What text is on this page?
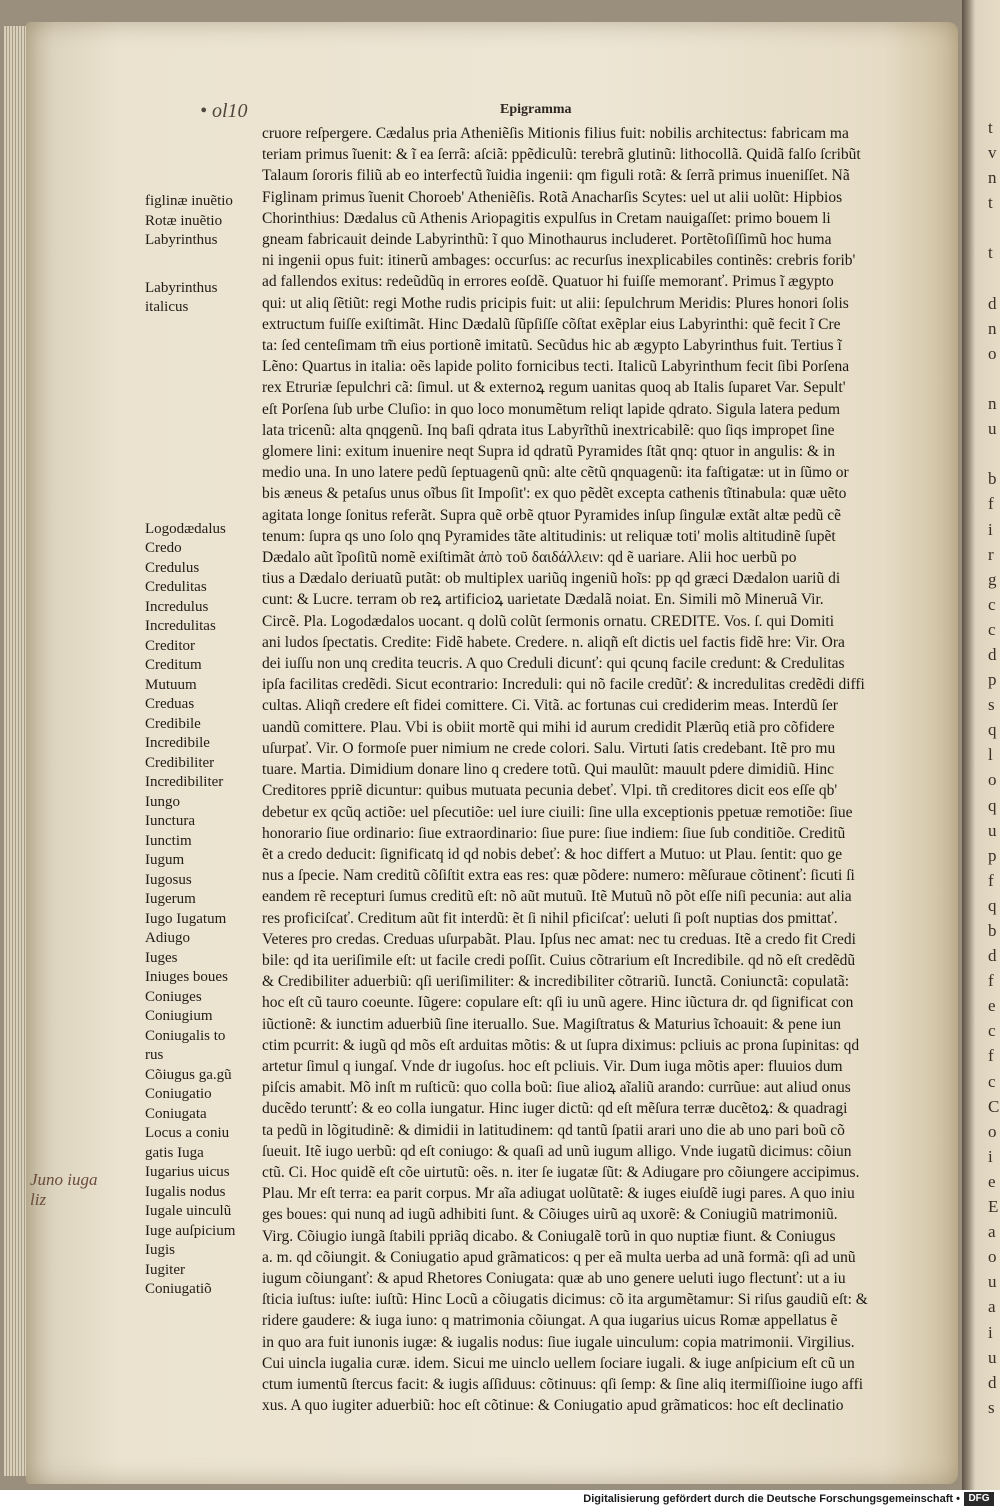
t
v
n
t
t
d
n
o
n
u
b
f
i
r
g
c
c
d
p
s
q
l
o
q
u
p
f
q
b
d
f
e
c
f
c
C
o
i
e
E
a
o
u
a
i
u
d
s
• ol10	Epigramma
figlinæ inuẽtio
Rotæ inuẽtio
Labyrinthus
Labyrinthus
italicus
Logodædalus
Credo
Credulus
Credulitas
Incredulus
Incredulitas
Creditor
Creditum
Mutuum
Creduas
Credibile
Incredibile
Credibiliter
Incredibiliter
Iungo
Iunctura
Iunctim
Iugum
Iugosus
Iugerum
Iugo Iugatum
Adiugo
Iuges
Iniuges boues
Coniuges
Coniugium
Coniugalis to
rus
Cõiugus ga.gũ
Coniugatio
Coniugata
Locus a coniu
gatis Iuga
Iugarius uicus
Iugalis nodus
Iugale uinculũ
Iuge auſpicium
Iugis
Iugiter
Coniugatiõ
cruore reſpergere. Cædalus pria Atheniẽſis Mitionis filius fuit: nobilis architectus: fabricam ma
teriam primus ĩuenit: & ĩ ea ſerrã: aſciã: ppẽdiculũ: terebrã glutinũ: lithocollã. Quidã falſo ſcribũt
Talaum ſororis filiũ ab eo interfectũ ĩuidia ingenii: qm figuli rotã: & ſerrã primus inueniſſet. Nã
Figlinam primus ĩuenit Choroeb' Atheniẽſis. Rotã Anacharſis Scytes: uel ut alii uolũt: Hipbios
Chorinthius: Dædalus cũ Athenis Ariopagitis expulſus in Cretam nauigaſſet: primo bouem li
gneam fabricauit deinde Labyrinthũ: ĩ quo Minothaurus includeret. Portẽtoſiſſimũ hoc huma
ni ingenii opus fuit: itinerũ ambages: occurſus: ac recurſus inexplicabiles continẽs: crebris forib'
ad fallendos exitus: redeũdũq in errores eoſdẽ. Quatuor hi fuiſſe memoranť. Primus ĩ ægypto
qui: ut aliq ſẽtiũt: regi Mothe rudis pricipis fuit: ut alii: ſepulchrum Meridis: Plures honori ſolis
extructum fuiſſe exiſtimãt. Hinc Dædalũ ſũpſiſſe cõſtat exẽplar eius Labyrinthi: quẽ fecit ĩ Cre
ta: ſed centeſimam tm̃ eius portionẽ imitatũ. Secũdus hic ab ægypto Labyrinthus fuit. Tertius ĩ
Lẽno: Quartus in italia: oẽs lapide polito fornicibus tecti. Italicũ Labyrinthum fecit ſibi Porſena
rex Etruriæ ſepulchri cã: ſimul. ut & externoꝝ regum uanitas quoq ab Italis ſuparet Var. Sepult'
eſt Porſena ſub urbe Cluſio: in quo loco monumẽtum reliqt lapide qdrato. Sigula latera pedum
lata tricenũ: alta qnqgenũ. Inq baſi qdrata itus Labyrĩthũ inextricabilẽ: quo ſiqs impropet ſine
glomere lini: exitum inuenire neqt Supra id qdratũ Pyramides ſtãt qnq: qtuor in angulis: & in
medio una. In uno latere pedũ ſeptuagenũ qnũ: alte cẽtũ qnquagenũ: ita faſtigatæ: ut in ſũmo or
bis æneus & petaſus unus oĩbus ſit Impoſit': ex quo pẽdẽt excepta cathenis tĩtinabula: quæ uẽto
agitata longe ſonitus referãt. Supra quẽ orbẽ qtuor Pyramides inſup ſingulæ extãt altæ pedũ cẽ
tenum: ſupra qs uno ſolo qnq Pyramides tãte altitudinis: ut reliquæ toti' molis altitudinẽ ſupẽt
Dædalo aũt ĩpoſitũ nomẽ exiſtimãt ἀπὸ τοῦ δαιδάλλειν: qd ẽ uariare. Alii hoc uerbũ po
tius a Dædalo deriuatũ putãt: ob multiplex uariũq ingeniũ hoĩs: pp qd græci Dædalon uariũ di
cunt: & Lucre. terram ob reꝝ artificioꝝ uarietate Dædalã noiat. En. Simili mõ Mineruã Vir.
Circẽ. Pla. Logodædalos uocant. q dolũ colũt ſermonis ornatu. CREDITE. Vos. ſ. qui Domiti
ani ludos ſpectatis. Credite: Fidẽ habete. Credere. n. aliqñ eſt dictis uel factis fidẽ hre: Vir. Ora
dei iuſſu non unq credita teucris. A quo Creduli dicunť: qui qcunq facile credunt: & Credulitas
ipſa facilitas credẽdi. Sicut econtrario: Increduli: qui nõ facile credũť: & incredulitas credẽdi diffi
cultas. Aliqñ credere eſt fidei comittere. Ci. Vitã. ac fortunas cui crediderim meas. Interdũ ſer
uandũ comittere. Plau. Vbi is obiit mortẽ qui mihi id aurum credidit Plærũq etiã pro cõfidere
uſurpať. Vir. O formoſe puer nimium ne crede colori. Salu. Virtuti ſatis credebant. Itẽ pro mu
tuare. Martia. Dimidium donare lino q credere totũ. Qui maulũt: mauult pdere dimidiũ. Hinc
Creditores ppriẽ dicuntur: quibus mutuata pecunia debeť. Vlpi. tñ creditores dicit eos eſſe qb'
debetur ex qcũq actiõe: uel pſecutiõe: uel iure ciuili: ſine ulla exceptionis ppetuæ remotiõe: ſiue
honorario ſiue ordinario: ſiue extraordinario: ſiue pure: ſiue indiem: ſiue ſub conditiõe. Creditũ
ẽt a credo deducit: ſignificatq id qd nobis debeť: & hoc differt a Mutuo: ut Plau. ſentit: quo ge
nus a ſpecie. Nam creditũ cõſiſtit extra eas res: quæ põdere: numero: mẽſuraue cõtinenť: ſicuti ſi
eandem rẽ recepturi ſumus creditũ eſt: nõ aũt mutuũ. Itẽ Mutuũ nõ põt eſſe niſi pecunia: aut alia
res proficiſcať. Creditum aũt fit interdũ: ẽt ſi nihil pficiſcať: ueluti ſi poſt nuptias dos pmittať.
Veteres pro credas. Creduas uſurpabãt. Plau. Ipſus nec amat: nec tu creduas. Itẽ a credo fit Credi
bile: qd ita ueriſimile eſt: ut facile credi poſſit. Cuius cõtrarium eſt Incredibile. qd nõ eſt credẽdũ
& Credibiliter aduerbiũ: qſi ueriſimiliter: & incredibiliter cõtrariũ. Iunctã. Coniunctã: copulatã:
hoc eſt cũ tauro coeunte. Iũgere: copulare eſt: qſi iu unũ agere. Hinc iũctura dr. qd ſignificat con
iũctionẽ: & iunctim aduerbiũ ſine iteruallo. Sue. Magiſtratus & Maturius ĩchoauit: & pene iun
ctim pcurrit: & iugũ qd mõs eſt arduitas mõtis: & ut ſupra diximus: pcliuis ac prona ſupinitas: qd
artetur ſimul q iungaſ. Vnde dr iugoſus. hoc eſt pcliuis. Vir. Dum iuga mõtis aper: fluuios dum
piſcis amabit. Mõ inſt m ruſticũ: quo colla boũ: ſiue alioꝝ aĩaliũ arando: currũue: aut aliud onus
ducẽdo teruntť: & eo colla iungatur. Hinc iuger dictũ: qd eſt mẽſura terræ ducẽtoꝝ: & quadragi
ta pedũ in lõgitudinẽ: & dimidii in latitudinem: qd tantũ ſpatii arari uno die ab uno pari boũ cõ
ſueuit. Itẽ iugo uerbũ: qd eſt coniugo: & quaſi ad unũ iugum alligo. Vnde iugatũ dicimus: cõiun
ctũ. Ci. Hoc quidẽ eſt cõe uirtutũ: oẽs. n. iter ſe iugatæ ſũt: & Adiugare pro cõiungere accipimus.
Plau. Mr eſt terra: ea parit corpus. Mr aĩa adiugat uolũtatẽ: & iuges eiuſdẽ iugi pares. A quo iniu
ges boues: qui nunq ad iugũ adhibiti ſunt. & Cõiuges uirũ aq uxorẽ: & Coniugiũ matrimoniũ.
Virg. Cõiugio iungã ſtabili ppriãq dicabo. & Coniugalẽ torũ in quo nuptiæ fiunt. & Coniugus
a. m. qd cõiungit. & Coniugatio apud grãmaticos: q per eã multa uerba ad unã formã: qſi ad unũ
iugum cõiunganť: & apud Rhetores Coniugata: quæ ab uno genere ueluti iugo flectunť: ut a iu
ſticia iuſtus: iuſte: iuſtũ: Hinc Locũ a cõiugatis dicimus: cõ ita argumẽtamur: Si riſus gaudiũ eſt: &
ridere gaudere: & iuga iuno: q matrimonia cõiungat. A qua iugarius uicus Romæ appellatus ẽ
in quo ara fuit iunonis iugæ: & iugalis nodus: ſiue iugale uinculum: copia matrimonii. Virgilius.
Cui uincla iugalia curæ. idem. Sicui me uinclo uellem ſociare iugali. & iuge anſpicium eſt cũ un
ctum iumentũ ſtercus facit: & iugis aſſiduus: cõtinuus: qſi ſemp: & ſine aliq itermiſſioine iugo affi
xus. A quo iugiter aduerbiũ: hoc eſt cõtinue: & Coniugatio apud grãmaticos: hoc eſt declinatio
Juno iuga
liz
Digitalisierung gefördert durch die Deutsche Forschungsgemeinschaft • DFG
